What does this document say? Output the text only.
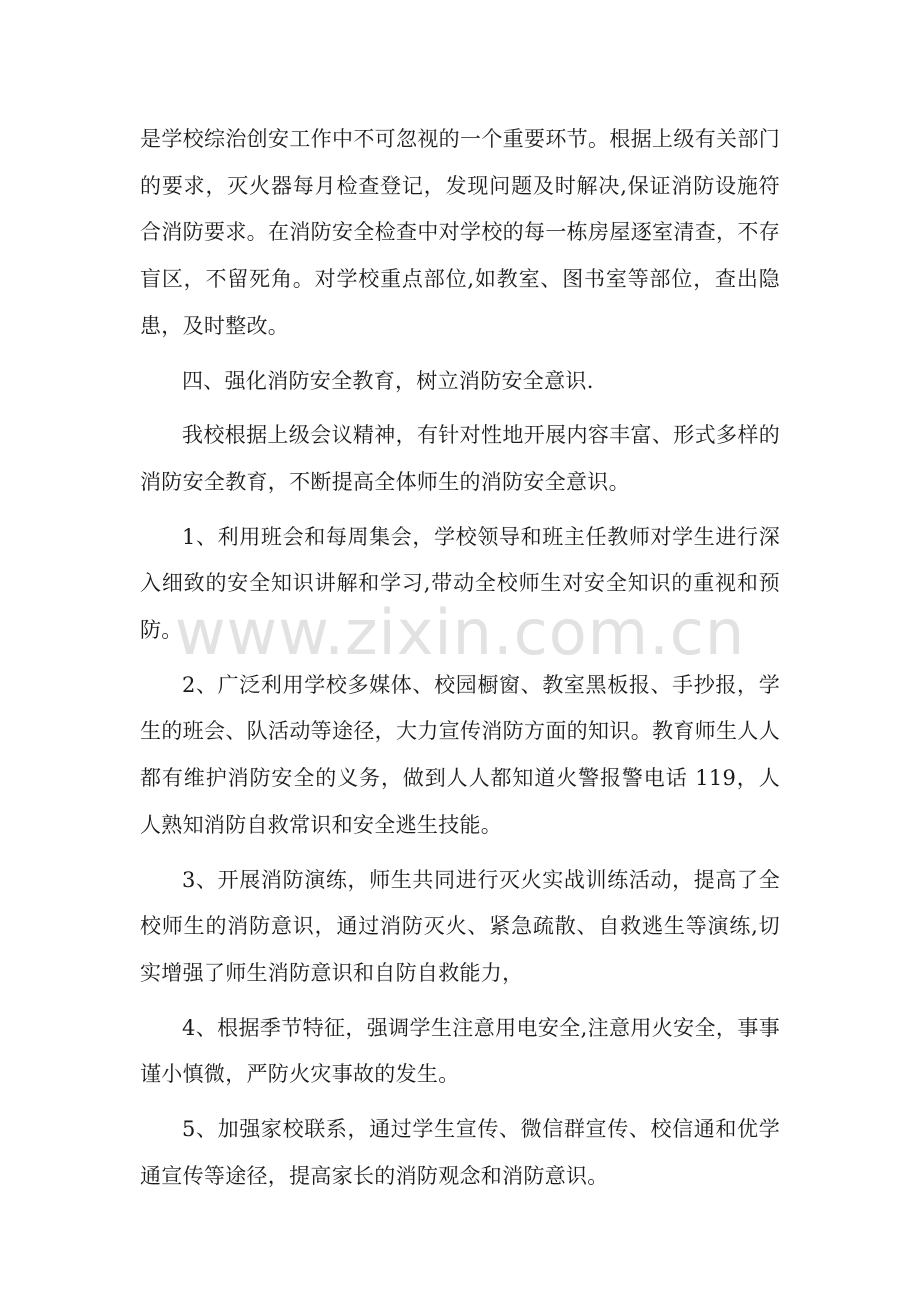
www.zixin.com.cn

是学校综治创安工作中不可忽视的一个重要环节。根据上级有关部门的要求，灭火器每月检查登记，发现问题及时解决,保证消防设施符合消防要求。在消防安全检查中对学校的每一栋房屋逐室清查，不存盲区，不留死角。对学校重点部位,如教室、图书室等部位，查出隐患，及时整改。

四、强化消防安全教育，树立消防安全意识.

我校根据上级会议精神，有针对性地开展内容丰富、形式多样的消防安全教育，不断提高全体师生的消防安全意识。

1、利用班会和每周集会，学校领导和班主任教师对学生进行深入细致的安全知识讲解和学习,带动全校师生对安全知识的重视和预防。

2、广泛利用学校多媒体、校园橱窗、教室黑板报、手抄报，学生的班会、队活动等途径，大力宣传消防方面的知识。教育师生人人都有维护消防安全的义务，做到人人都知道火警报警电话 119，人人熟知消防自救常识和安全逃生技能。

3、开展消防演练，师生共同进行灭火实战训练活动，提高了全校师生的消防意识，通过消防灭火、紧急疏散、自救逃生等演练,切实增强了师生消防意识和自防自救能力，

4、根据季节特征，强调学生注意用电安全,注意用火安全，事事谨小慎微，严防火灾事故的发生。

5、加强家校联系，通过学生宣传、微信群宣传、校信通和优学通宣传等途径，提高家长的消防观念和消防意识。
